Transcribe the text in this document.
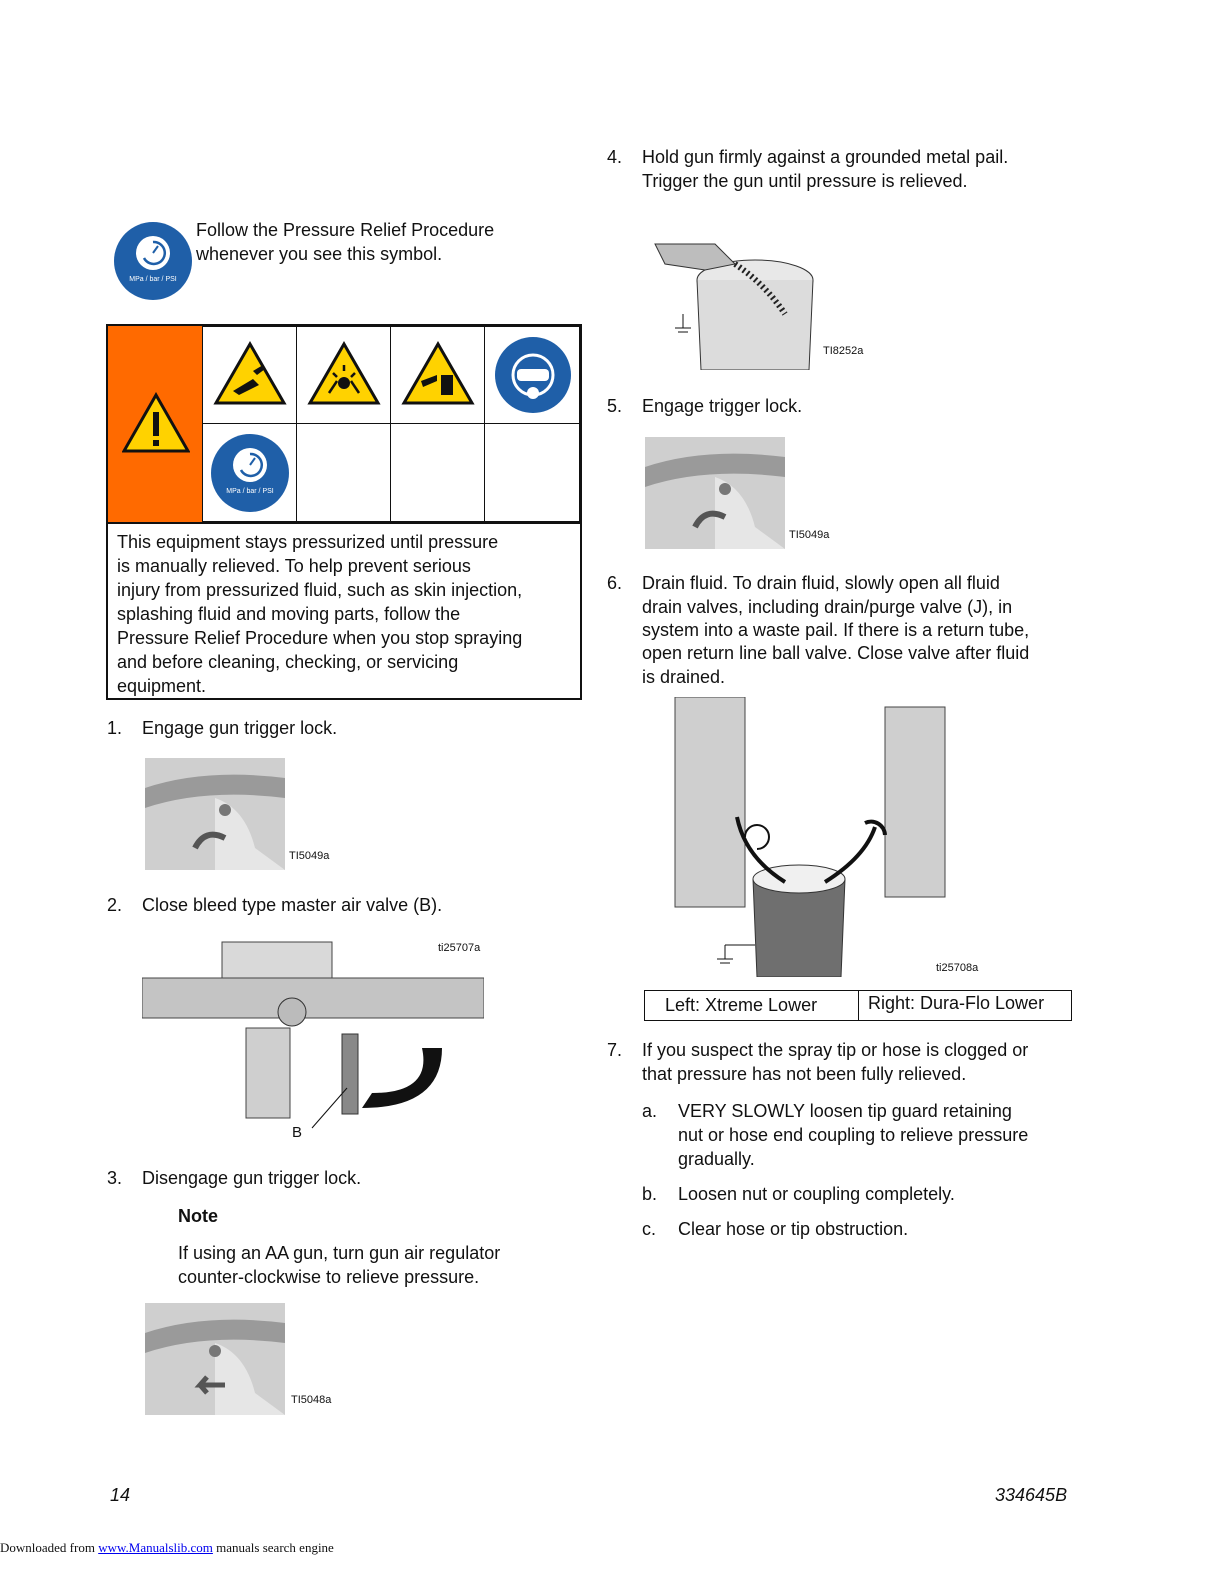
MPa / bar / PSI
Follow the Pressure Relief Procedure
whenever you see this symbol.
MPa / bar / PSI
This equipment stays pressurized until pressure
is manually relieved. To help prevent serious
injury from pressurized fluid, such as skin injection,
splashing fluid and moving parts, follow the
Pressure Relief Procedure when you stop spraying
and before cleaning, checking, or servicing
equipment.
1. Engage gun trigger lock.
TI5049a
2. Close bleed type master air valve (B).
ti25707a
B
3. Disengage gun trigger lock.
Note
If using an AA gun, turn gun air regulator
counter-clockwise to relieve pressure.
TI5048a
4. Hold gun firmly against a grounded metal pail.
Trigger the gun until pressure is relieved.
TI8252a
5. Engage trigger lock.
TI5049a
6. Drain fluid. To drain fluid, slowly open all fluid
drain valves, including drain/purge valve (J), in
system into a waste pail. If there is a return tube,
open return line ball valve. Close valve after fluid
is drained.
ti25708a
Left: Xtreme Lower	Right: Dura-Flo Lower
7. If you suspect the spray tip or hose is clogged or
that pressure has not been fully relieved.
a. VERY SLOWLY loosen tip guard retaining
nut or hose end coupling to relieve pressure
gradually.
b. Loosen nut or coupling completely.
c. Clear hose or tip obstruction.
14	334645B
Downloaded from www.Manualslib.com manuals search engine
